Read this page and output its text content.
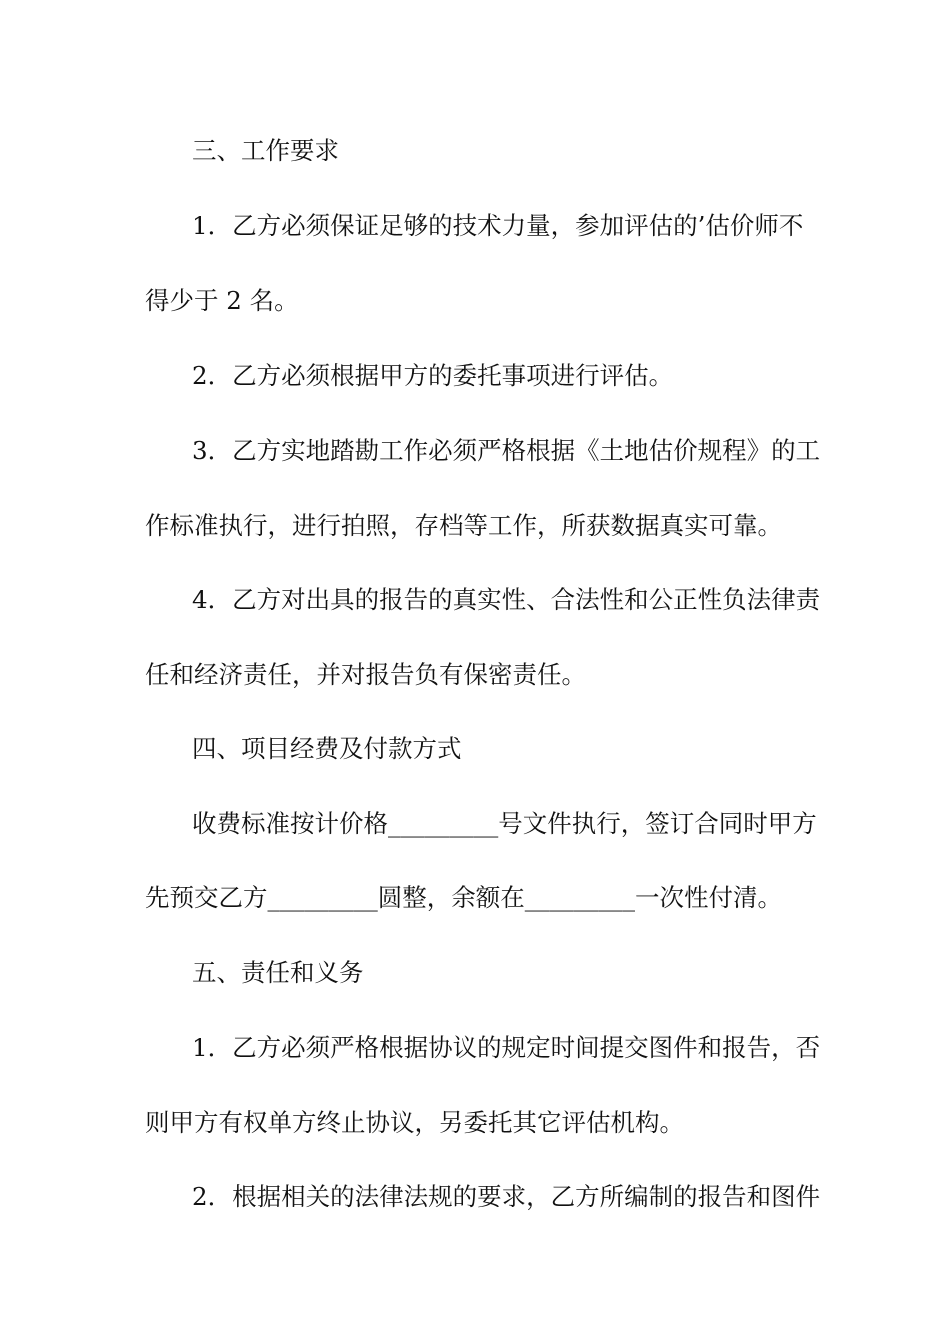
三、工作要求
1．乙方必须保证足够的技术力量，参加评估的’估价师不
得少于 2 名。
2．乙方必须根据甲方的委托事项进行评估。
3．乙方实地踏勘工作必须严格根据《土地估价规程》的工
作标准执行，进行拍照，存档等工作，所获数据真实可靠。
4．乙方对出具的报告的真实性、合法性和公正性负法律责
任和经济责任，并对报告负有保密责任。
四、项目经费及付款方式
收费标准按计价格_________号文件执行，签订合同时甲方
先预交乙方_________圆整，余额在_________一次性付清。
五、责任和义务
1．乙方必须严格根据协议的规定时间提交图件和报告，否
则甲方有权单方终止协议，另委托其它评估机构。
2．根据相关的法律法规的要求，乙方所编制的报告和图件
